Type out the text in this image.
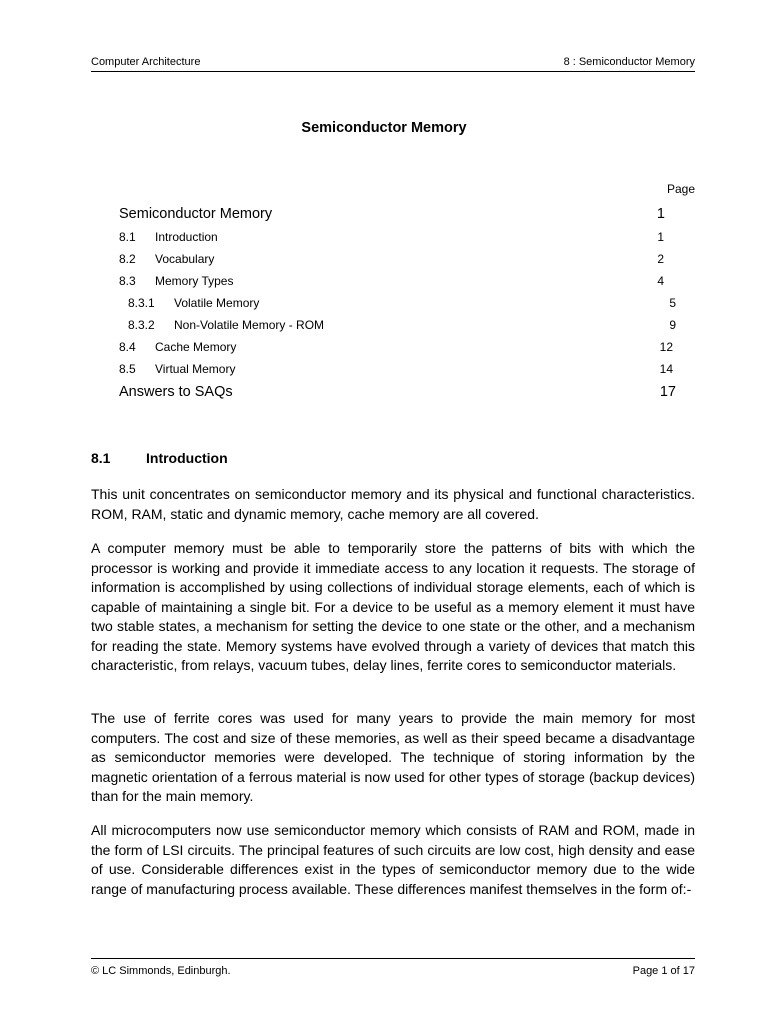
Computer Architecture	8 : Semiconductor Memory
Semiconductor Memory
Page
Semiconductor Memory	1
8.1 Introduction	1
8.2 Vocabulary	2
8.3 Memory Types	4
8.3.1 Volatile Memory	5
8.3.2 Non-Volatile Memory - ROM	9
8.4 Cache Memory	12
8.5 Virtual Memory	14
Answers to SAQs	17
8.1	Introduction

This unit concentrates on semiconductor memory and its physical and functional characteristics. ROM, RAM, static and dynamic memory, cache memory are all covered.

A computer memory must be able to temporarily store the patterns of bits with which the processor is working and provide it immediate access to any location it requests. The storage of information is accomplished by using collections of individual storage elements, each of which is capable of maintaining a single bit. For a device to be useful as a memory element it must have two stable states, a mechanism for setting the device to one state or the other, and a mechanism for reading the state. Memory systems have evolved through a variety of devices that match this characteristic, from relays, vacuum tubes, delay lines, ferrite cores to semiconductor materials.

The use of ferrite cores was used for many years to provide the main memory for most computers. The cost and size of these memories, as well as their speed became a disadvantage as semiconductor memories were developed. The technique of storing information by the magnetic orientation of a ferrous material is now used for other types of storage (backup devices) than for the main memory.

All microcomputers now use semiconductor memory which consists of RAM and ROM, made in the form of LSI circuits. The principal features of such circuits are low cost, high density and ease of use. Considerable differences exist in the types of semiconductor memory due to the wide range of manufacturing process available. These differences manifest themselves in the form of:-

© LC Simmonds, Edinburgh.	Page 1 of 17
